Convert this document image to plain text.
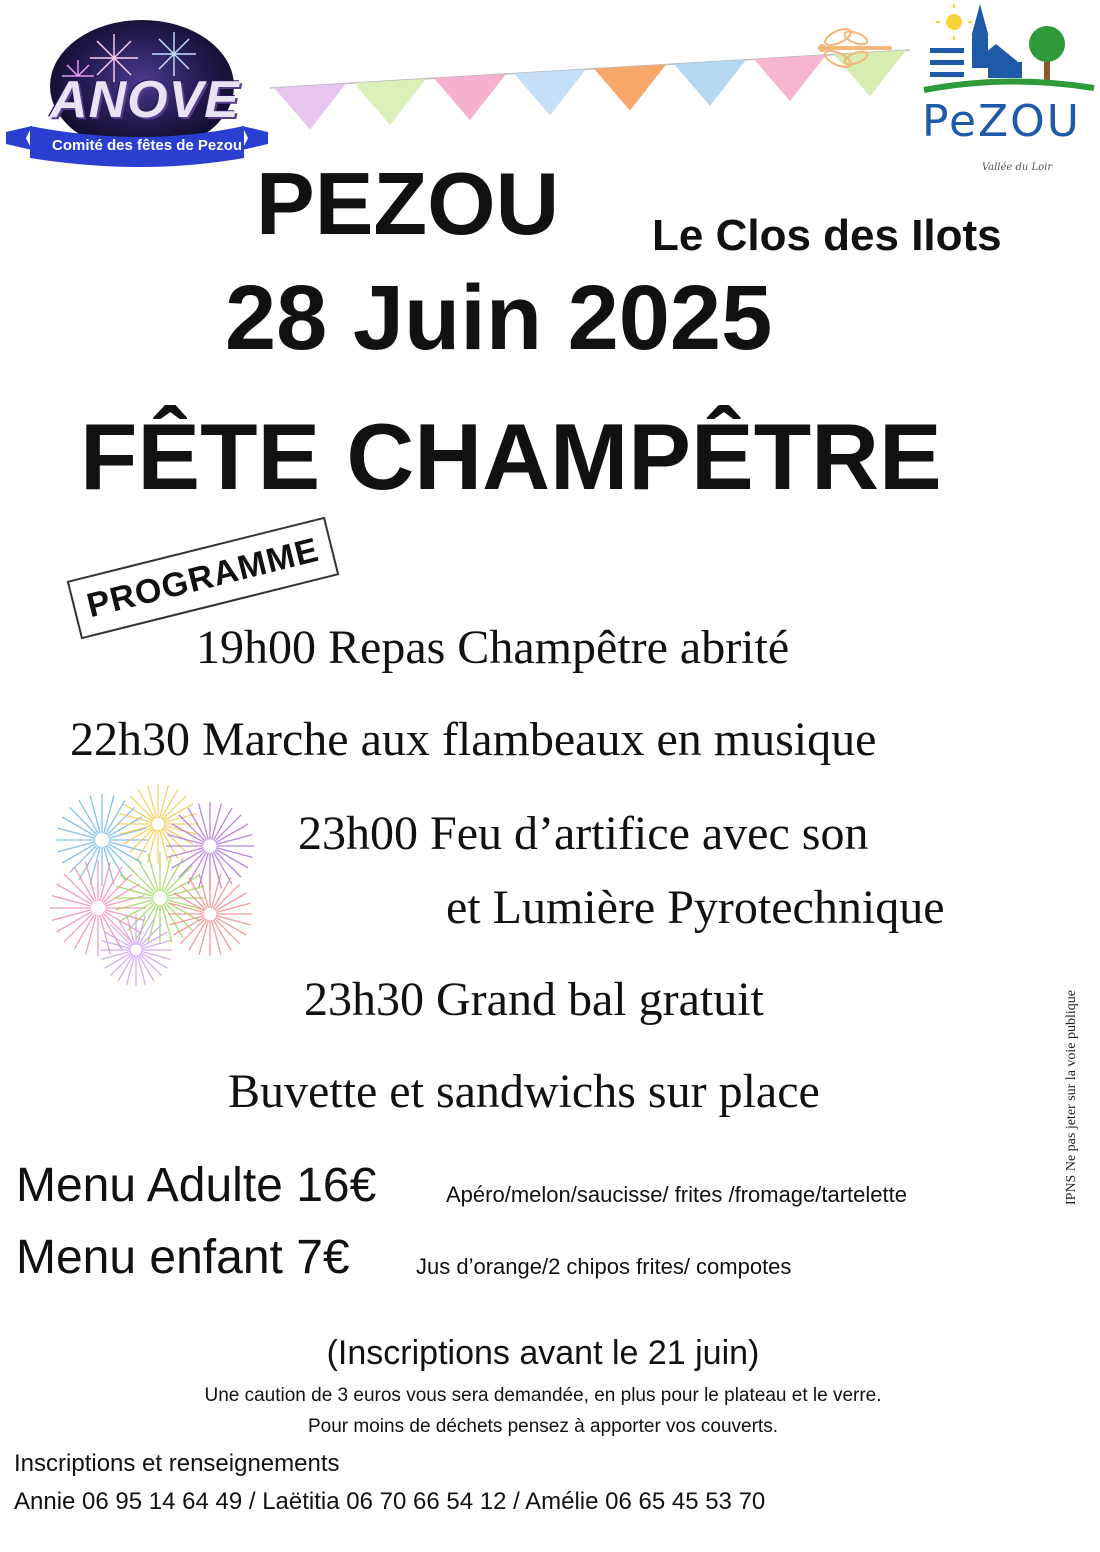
ANOVE
Comité des fêtes de Pezou	PeZOU
Vallée du Loir
PEZOU Le Clos des Ilots
28 Juin 2025
FÊTE CHAMPÊTRE
PROGRAMME
19h00 Repas Champêtre abrité
22h30 Marche aux flambeaux en musique
23h00 Feu d’artifice avec son
et Lumière Pyrotechnique
23h30 Grand bal gratuit
Buvette et sandwichs sur place	IPNS Ne pas jeter sur la voie publique
Menu Adulte 16€	Apéro/melon/saucisse/ frites /fromage/tartelette
Menu enfant 7€	Jus d’orange/2 chipos frites/ compotes
(Inscriptions avant le 21 juin)
Une caution de 3 euros vous sera demandée, en plus pour le plateau et le verre.
Pour moins de déchets pensez à apporter vos couverts.
Inscriptions et renseignements
Annie 06 95 14 64 49 / Laëtitia 06 70 66 54 12 / Amélie 06 65 45 53 70
